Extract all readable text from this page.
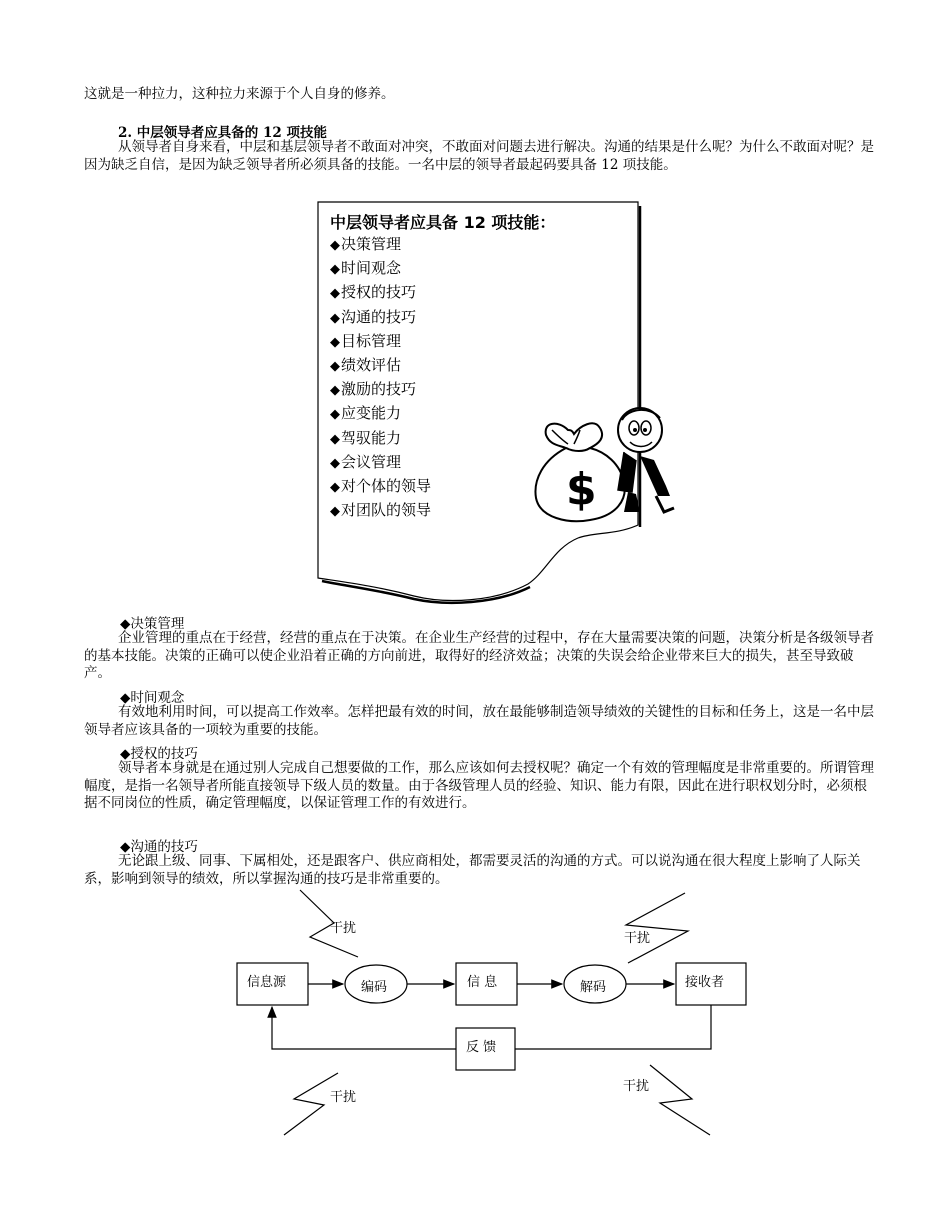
这就是一种拉力，这种拉力来源于个人自身的修养。

2. 中层领导者应具备的 12 项技能

从领导者自身来看，中层和基层领导者不敢面对冲突，不敢面对问题去进行解决。沟通的结果是什么呢？为什么不敢面对呢？是因为缺乏自信，是因为缺乏领导者所必须具备的技能。一名中层的领导者最起码要具备 12 项技能。

中层领导者应具备 12 项技能：
◆ 决策管理
◆ 时间观念
◆ 授权的技巧
◆ 沟通的技巧
◆ 目标管理
◆ 绩效评估
◆ 激励的技巧
◆ 应变能力
◆ 驾驭能力
◆ 会议管理
◆ 对个体的领导
◆ 对团队的领导	$
◆决策管理

企业管理的重点在于经营，经营的重点在于决策。在企业生产经营的过程中，存在大量需要决策的问题，决策分析是各级领导者的基本技能。决策的正确可以使企业沿着正确的方向前进，取得好的经济效益；决策的失误会给企业带来巨大的损失，甚至导致破产。

◆时间观念

有效地利用时间，可以提高工作效率。怎样把最有效的时间，放在最能够制造领导绩效的关键性的目标和任务上，这是一名中层领导者应该具备的一项较为重要的技能。

◆授权的技巧

领导者本身就是在通过别人完成自己想要做的工作，那么应该如何去授权呢？确定一个有效的管理幅度是非常重要的。所谓管理幅度，是指一名领导者所能直接领导下级人员的数量。由于各级管理人员的经验、知识、能力有限，因此在进行职权划分时，必须根据不同岗位的性质，确定管理幅度，以保证管理工作的有效进行。

◆沟通的技巧

无论跟上级、同事、下属相处，还是跟客户、供应商相处，都需要灵活的沟通的方式。可以说沟通在很大程度上影响了人际关系，影响到领导的绩效，所以掌握沟通的技巧是非常重要的。

信息源	编码	信 息	解码	接收者
反 馈
干扰
干扰
干扰
干扰
